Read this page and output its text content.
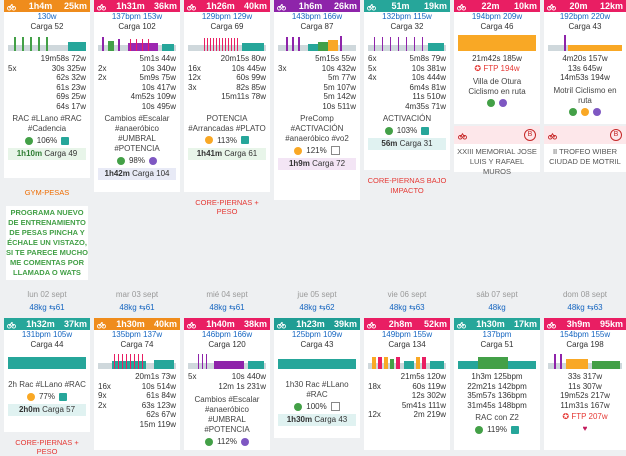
1h4m	25km
130w
Carga 52
19m58s 72w
5x	30s 325w
62s 32w
61s 23w
69s 25w
64s 17w
RAC #LLano #RAC #Cadencia
106%
1h10m Carga 49
GYM-PESAS
PROGRAMA NUEVO DE ENTRENAMIENTO DE PESAS PINCHA Y ÉCHALE UN VISTAZO, SI TE PARECE MUCHO ME COMENTAS POR LLAMADA O WATS
1h31m	36km
137bpm 153w
Carga 102
5m1s 44w
2x	10s 340w
2x	5m9s 75w
10s 417w
4m52s 109w
10s 495w
Cambios #Escalar #anaeróbico #UMBRAL #POTENCIA
98%
1h42m Carga 104
1h26m	40km
129bpm 129w
Carga 69
20m15s 80w
16x	10s 445w
12x	60s 99w
3x	82s 85w
15m11s 78w
POTENCIA #Arrancadas #PLATO
113%
1h41m Carga 61
CORE-PIERNAS + PESO
1h6m	26km
143bpm 166w
Carga 87
5m15s 55w
3x	10s 432w
5m 77w
5m 107w
5m 142w
10s 511w
PreComp #ACTIVACIÓN #anaeróbico #vo2
121%
1h9m Carga 72
51m	19km
132bpm 115w
Carga 32
6x	5m8s 79w
5x	10s 381w
4x	10s 444w
6m4s 81w
11s 510w
4m35s 71w
ACTIVACIÓN
103%
56m Carga 31
CORE-PIERNAS BAJO IMPACTO
22m	10km
194bpm 209w
Carga 46
21m42s 185w
✪ FTP 194w
Villa de Otura Ciclismo en ruta
B
XXIII MEMORIAL JOSE LUIS Y RAFAEL MUROS
20m	12km
192bpm 220w
Carga 43
4m20s 157w
13s 645w
14m53s 194w
Motril Ciclismo en ruta
B
II TROFEO WIBER CIUDAD DE MOTRIL
lun 02 sept	mar 03 sept	mié 04 sept	jue 05 sept	vie 06 sept	sáb 07 sept	dom 08 sept
48kg ⇆61	48kg ⇆61	48kg ⇆61	48kg ⇆62	48kg ⇆63	48kg	48kg ⇆63
1h32m	37km
131bpm 105w
Carga 44
2h Rac #LLano #RAC
77%
2h0m Carga 57
CORE-PIERNAS + PESO
1h30m	40km
135bpm 137w
Carga 74
20m1s 73w
16x	10s 514w
9x	61s 84w
2x	63s 123w
62s 67w
15m 119w
1h40m	38km
146bpm 166w
Carga 120
5x	10s 440w
12m 1s 231w
Cambios #Escalar #anaeróbico #UMBRAL #POTENCIA
112%
1h23m	39km
125bpm 109w
Carga 43
1h30 Rac #LLano #RAC
100%
1h30m Carga 43
2h8m	52km
149bpm 155w
Carga 134
21m5s 120w
18x	60s 119w
12s 302w
5m41s 111w
12x	2m 219w
1h30m	17km
137bpm
Carga 51
1h3m 125bpm
22m21s 142bpm
35m57s 136bpm
31m45s 148bpm
RAC con Z2
119%
3h9m	95km
154bpm 155w
Carga 198
33s 317w
11s 307w
19m52s 217w
11m31s 167w
✪ FTP 207w
♥
